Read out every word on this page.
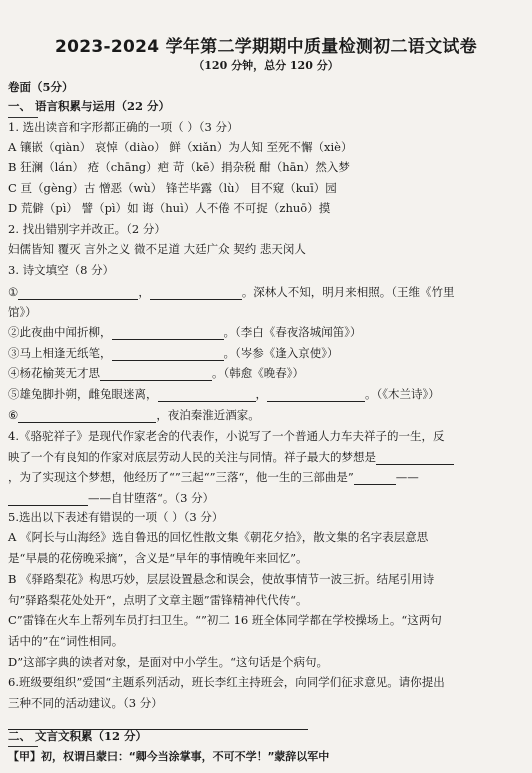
2023-2024 学年第二学期期中质量检测初二语文试卷
（120 分钟，总分 120 分）
卷面（5分）
一、 语言积累与运用（22 分）
1. 选出读音和字形都正确的一项（ ）（3 分）
A 镶嵌（qiàn） 哀悼（diào） 鲜（xiǎn）为人知 至死不懈（xiè）
B 狂澜（lán） 疮（chāng）疤 苛（kē）捐杂税 酣（hān）然入梦
C 亘（gèng）古 憎恶（wù） 锋芒毕露（lù） 目不窥（kuī）园
D 荒僻（pì） 譬（pì）如 诲（huì）人不倦 不可捉（zhuō）摸
2. 找出错别字并改正。（2 分）
妇儒皆知 覆灭 言外之义 微不足道 大廷广众 契约 悲天闵人
3. 诗文填空（8 分）
①	，	。深林人不知，明月来相照。（王维《竹里
馆》）
②此夜曲中闻折柳，	。（李白《春夜洛城闻笛》）
③马上相逢无纸笔，	。（岑参《逢入京使》）
④杨花榆荚无才思	。（韩愈《晚春》）
⑤雄兔脚扑朔，雌兔眼迷离，	，	。（《木兰诗》）
⑥	，夜泊秦淮近酒家。
4.《骆驼祥子》是现代作家老舍的代表作，小说写了一个普通人力车夫祥子的一生，反
映了一个有良知的作家对底层劳动人民的关注与同情。祥子最大的梦想是
，为了实现这个梦想，他经历了“”三起“”三落“，他一生的三部曲是”	——
——自甘堕落“。（3 分）
5.选出以下表述有错误的一项（ ）（3 分）
A 《阿长与山海经》选自鲁迅的回忆性散文集《朝花夕拾》，散文集的名字表层意思
是“早晨的花傍晚采摘”，含义是“早年的事情晚年来回忆”。
B 《驿路梨花》构思巧妙，层层设置悬念和误会，使故事情节一波三折。结尾引用诗
句”驿路梨花处处开“，点明了文章主题”雷锋精神代代传“。
C”雷锋在火车上帮列车员打扫卫生。“”初二 16 班全体同学都在学校操场上。“这两句
话中的”在“词性相同。
D”这部字典的读者对象，是面对中小学生。“这句话是个病句。
6.班级要组织”爱国“主题系列活动，班长李红主持班会，向同学们征求意见。请你提出
三种不同的活动建议。（3 分）
二、 文言文积累（12 分）
【甲】初，权谓吕蒙曰：“卿今当涂掌事，不可不学！”蒙辞以军中
